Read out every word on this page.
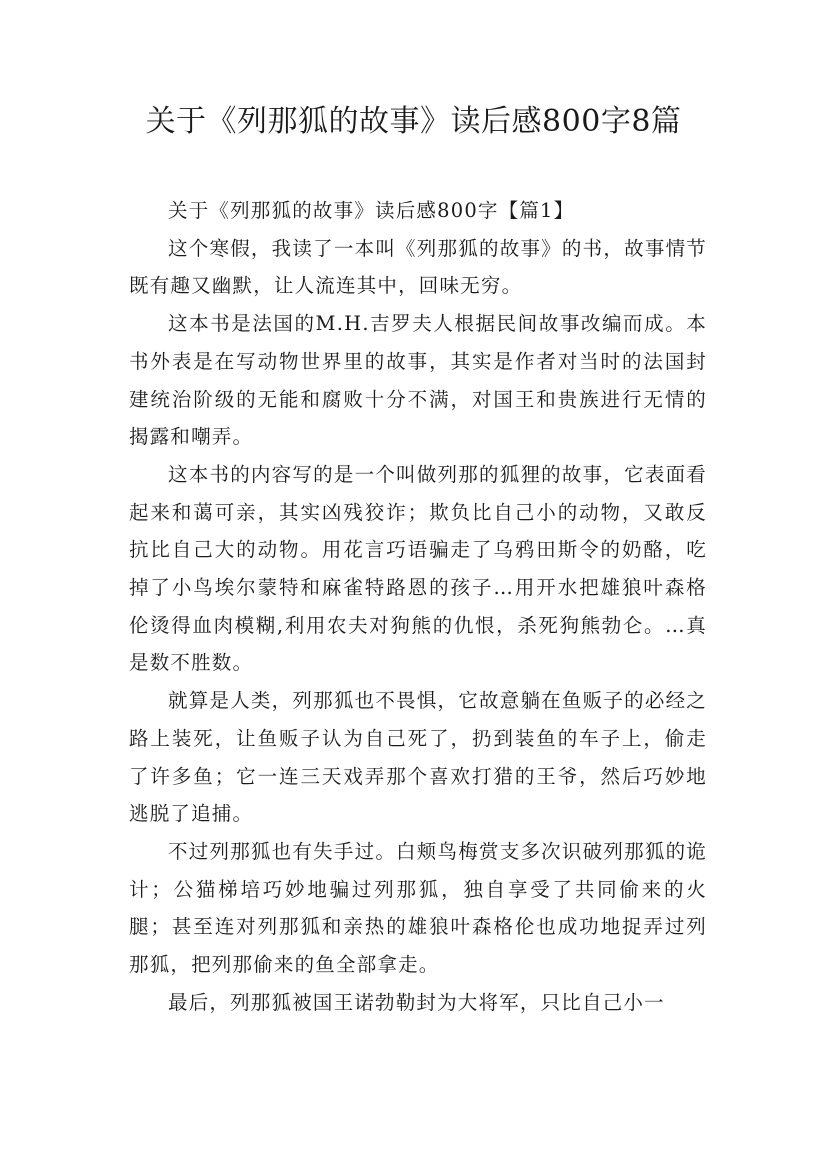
关于《列那狐的故事》读后感800字8篇

关于《列那狐的故事》读后感800字【篇1】

这个寒假，我读了一本叫《列那狐的故事》的书，故事情节既有趣又幽默，让人流连其中，回味无穷。

这本书是法国的M.H.吉罗夫人根据民间故事改编而成。本书外表是在写动物世界里的故事，其实是作者对当时的法国封建统治阶级的无能和腐败十分不满，对国王和贵族进行无情的揭露和嘲弄。

这本书的内容写的是一个叫做列那的狐狸的故事，它表面看起来和蔼可亲，其实凶残狡诈；欺负比自己小的动物，又敢反抗比自己大的动物。用花言巧语骗走了乌鸦田斯令的奶酪，吃掉了小鸟埃尔蒙特和麻雀特路恩的孩子…用开水把雄狼叶森格伦烫得血肉模糊,利用农夫对狗熊的仇恨，杀死狗熊勃仑。…真是数不胜数。

就算是人类，列那狐也不畏惧，它故意躺在鱼贩子的必经之路上装死，让鱼贩子认为自己死了，扔到装鱼的车子上，偷走了许多鱼；它一连三天戏弄那个喜欢打猎的王爷，然后巧妙地逃脱了追捕。

不过列那狐也有失手过。白颊鸟梅赏支多次识破列那狐的诡计；公猫梯培巧妙地骗过列那狐，独自享受了共同偷来的火腿；甚至连对列那狐和亲热的雄狼叶森格伦也成功地捉弄过列那狐，把列那偷来的鱼全部拿走。

最后，列那狐被国王诺勃勒封为大将军，只比自己小一
